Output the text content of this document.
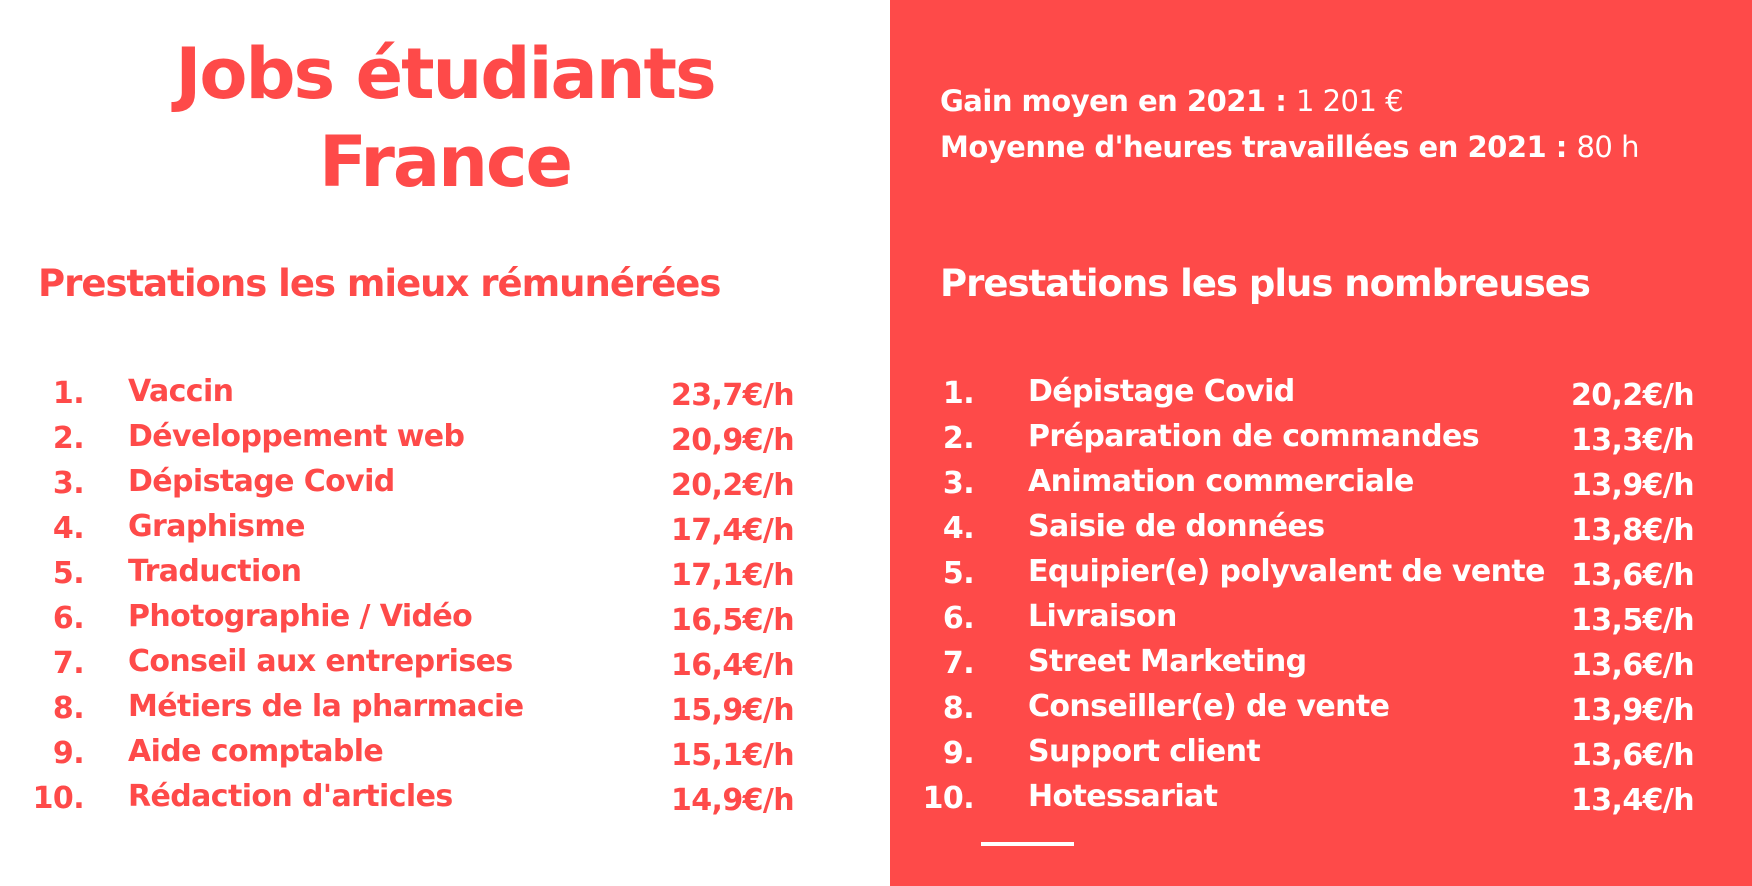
Jobs étudiants
France
Prestations les mieux rémunérées
1. Vaccin	23,7€/h
2. Développement web	20,9€/h
3. Dépistage Covid	20,2€/h
4. Graphisme	17,4€/h
5. Traduction	17,1€/h
6. Photographie / Vidéo	16,5€/h
7. Conseil aux entreprises	16,4€/h
8. Métiers de la pharmacie	15,9€/h
9. Aide comptable	15,1€/h
10. Rédaction d'articles	14,9€/h
Gain moyen en 2021 : 1 201 €
Moyenne d'heures travaillées en 2021 : 80 h
Prestations les plus nombreuses
1. Dépistage Covid	20,2€/h
2. Préparation de commandes	13,3€/h
3. Animation commerciale	13,9€/h
4. Saisie de données	13,8€/h
5. Equipier(e) polyvalent de vente 13,6€/h
6. Livraison	13,5€/h
7. Street Marketing	13,6€/h
8. Conseiller(e) de vente	13,9€/h
9. Support client	13,6€/h
10. Hotessariat	13,4€/h
